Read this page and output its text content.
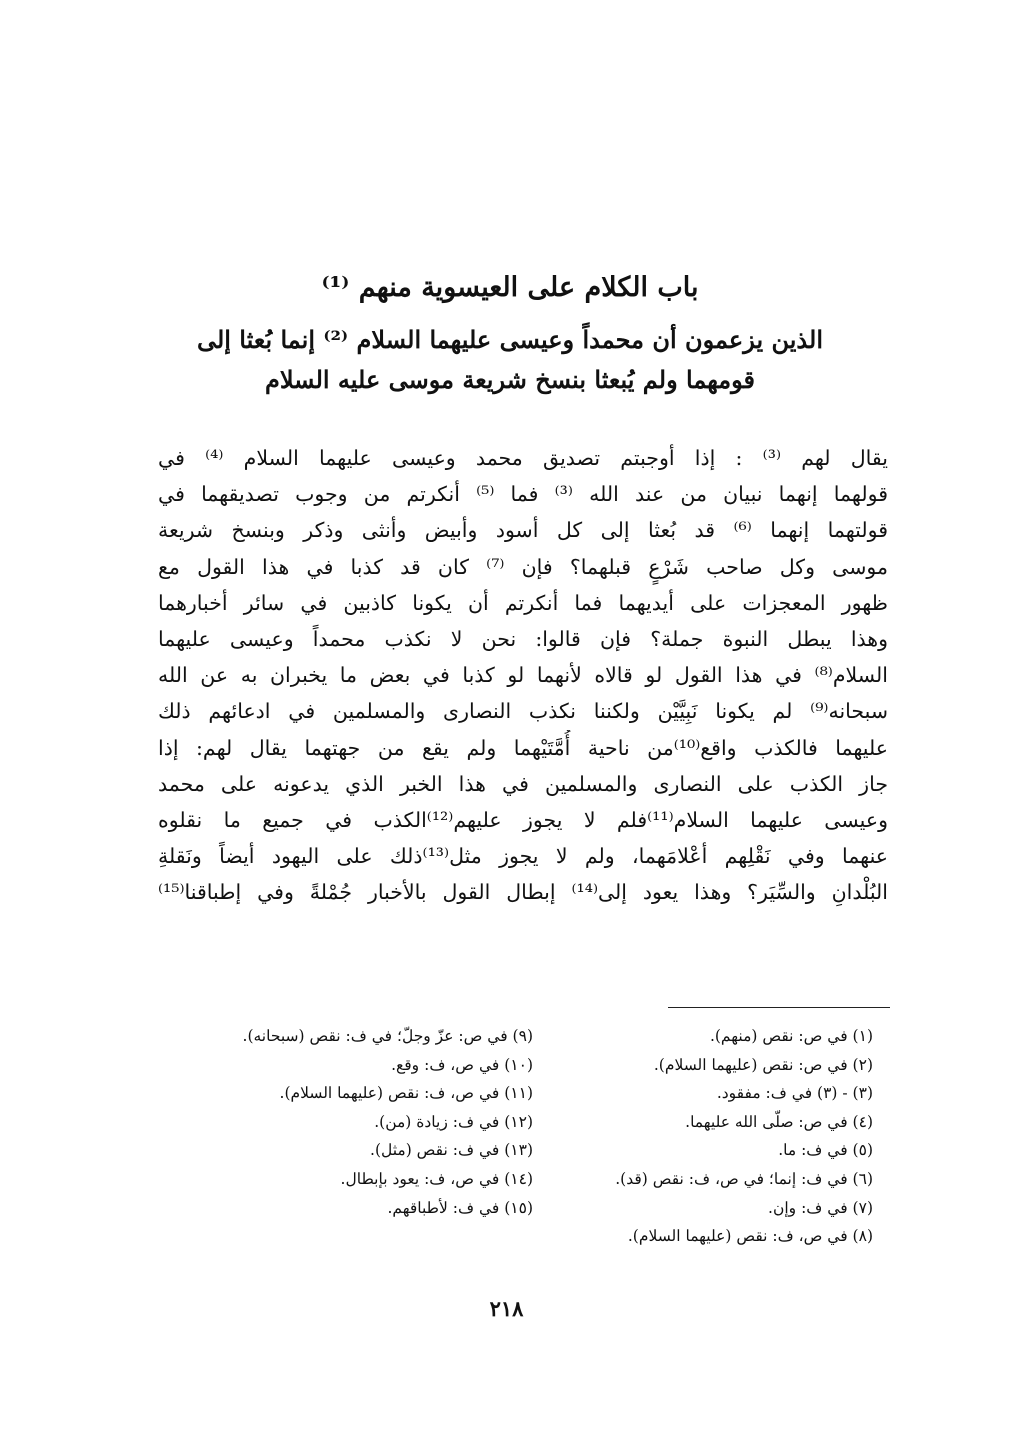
باب الكلام على العيسوية منهم ⁽¹⁾
الذين يزعمون أن محمداً وعيسى عليهما السلام ⁽²⁾ إنما بُعثا إلى
قومهما ولم يُبعثا بنسخ شريعة موسى عليه السلام
يقال لهم ⁽³⁾ : إذا أوجبتم تصديق محمد وعيسى عليهما السلام ⁽⁴⁾ في
قولهما إنهما نبيان من عند الله ⁽³⁾ فما ⁽⁵⁾ أنكرتم من وجوب تصديقهما في
قولتهما إنهما ⁽⁶⁾ قد بُعثا إلى كل أسود وأبيض وأنثى وذكر وبنسخ شريعة
موسى وكل صاحب شَرْعٍ قبلهما؟ فإن ⁽⁷⁾ كان قد كذبا في هذا القول مع
ظهور المعجزات على أيديهما فما أنكرتم أن يكونا كاذبين في سائر أخبارهما
وهذا يبطل النبوة جملة؟ فإن قالوا: نحن لا نكذب محمداً وعيسى عليهما
السلام⁽⁸⁾ في هذا القول لو قالاه لأنهما لو كذبا في بعض ما يخبران به عن الله
سبحانه⁽⁹⁾ لم يكونا نَبِيَّيْن ولكننا نكذب النصارى والمسلمين في ادعائهم ذلك
عليهما فالكذب واقع⁽¹⁰⁾من ناحية أُمَّتَيْهما ولم يقع من جهتهما يقال لهم: إذا
جاز الكذب على النصارى والمسلمين في هذا الخبر الذي يدعونه على محمد
وعيسى عليهما السلام⁽¹¹⁾فلم لا يجوز عليهم⁽¹²⁾الكذب في جميع ما نقلوه
عنهما وفي نَقْلِهم أعْلامَهما، ولم لا يجوز مثل⁽¹³⁾ذلك على اليهود أيضاً ونَقلةِ
البُلْدانِ والسِّيَر؟ وهذا يعود إلى⁽¹⁴⁾ إبطال القول بالأخبار جُمْلةً وفي إطباقنا⁽¹⁵⁾
(١) في ص: نقص (منهم).
(٢) في ص: نقص (عليهما السلام).
(٣) - (٣) في ف: مفقود.
(٤) في ص: صلّى الله عليهما.
(٥) في ف: ما.
(٦) في ف: إنما؛ في ص، ف: نقص (قد).
(٧) في ف: وإن.
(٨) في ص، ف: نقص (عليهما السلام).
(٩) في ص: عزّ وجلّ؛ في ف: نقص (سبحانه).
(١٠) في ص، ف: وقع.
(١١) في ص، ف: نقص (عليهما السلام).
(١٢) في ف: زيادة (من).
(١٣) في ف: نقص (مثل).
(١٤) في ص، ف: يعود بإبطال.
(١٥) في ف: لأطباقهم.
٢١٨
